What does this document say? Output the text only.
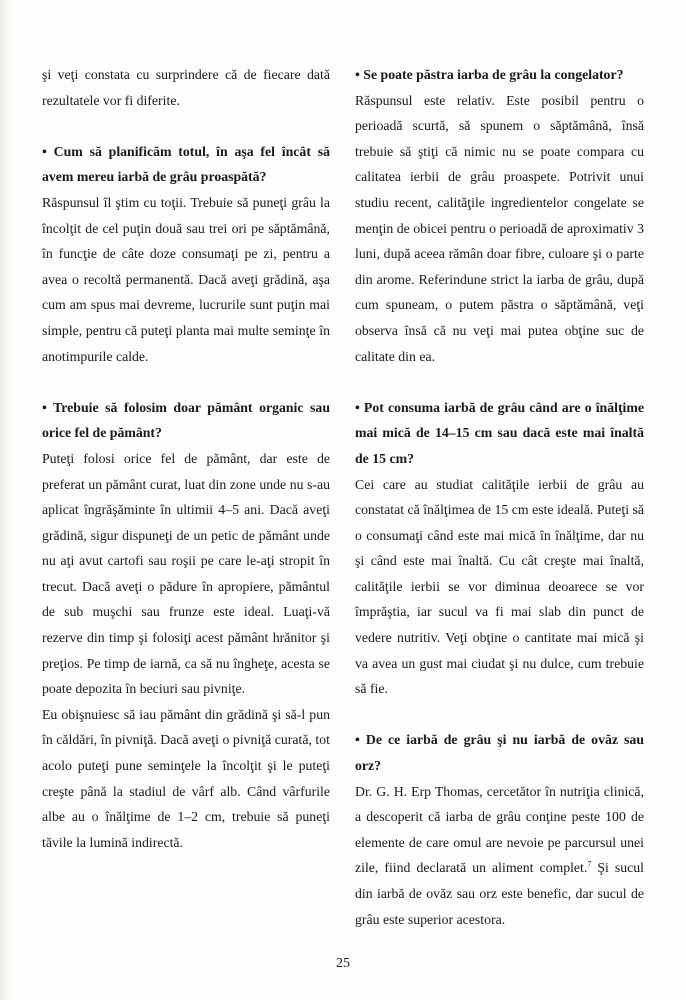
şi veţi constata cu surprindere că de fiecare dată rezultatele vor fi diferite.

• Cum să planificăm totul, în aşa fel încât să avem mereu iarbă de grâu proaspătă?

Răspunsul îl ştim cu toţii. Trebuie să puneţi grâu la încolţit de cel puţin două sau trei ori pe săptămână, în funcţie de câte doze consumaţi pe zi, pentru a avea o recoltă permanentă. Dacă aveţi grădină, aşa cum am spus mai devreme, lucrurile sunt puţin mai simple, pentru că puteţi planta mai multe seminţe în anotimpurile calde.

• Trebuie să folosim doar pământ organic sau orice fel de pământ?

Puteţi folosi orice fel de pământ, dar este de preferat un pământ curat, luat din zone unde nu s-au aplicat îngrăşăminte în ultimii 4–5 ani. Dacă aveţi grădină, sigur dispuneţi de un petic de pământ unde nu aţi avut cartofi sau roşii pe care le-aţi stropit în trecut. Dacă aveţi o pădure în apropiere, pământul de sub muşchi sau frunze este ideal. Luaţi-vă rezerve din timp şi folosiţi acest pământ hrănitor şi preţios. Pe timp de iarnă, ca să nu îngheţe, acesta se poate depozita în beciuri sau pivniţe.

Eu obişnuiesc să iau pământ din grădină şi să-l pun în căldări, în pivniţă. Dacă aveţi o pivniţă curată, tot acolo puteţi pune seminţele la încolţit şi le puteţi creşte până la stadiul de vârf alb. Când vârfurile albe au o înălţime de 1–2 cm, trebuie să puneţi tăvile la lumină indirectă.

• Se poate păstra iarba de grâu la congelator?

Răspunsul este relativ. Este posibil pentru o perioadă scurtă, să spunem o săptămână, însă trebuie să ştiţi că nimic nu se poate compara cu calitatea ierbii de grâu proaspete. Potrivit unui studiu recent, calităţile ingredientelor congelate se menţin de obicei pentru o perioadă de aproximativ 3 luni, după aceea rămân doar fibre, culoare şi o parte din arome. Referindune strict la iarba de grâu, după cum spuneam, o putem păstra o săptămână, veţi observa însă că nu veţi mai putea obţine suc de calitate din ea.

• Pot consuma iarbă de grâu când are o înălţime mai mică de 14–15 cm sau dacă este mai înaltă de 15 cm?

Cei care au studiat calităţile ierbii de grâu au constatat că înălţimea de 15 cm este ideală. Puteţi să o consumaţi când este mai mică în înălţime, dar nu şi când este mai înaltă. Cu cât creşte mai înaltă, calităţile ierbii se vor diminua deoarece se vor împrăştia, iar sucul va fi mai slab din punct de vedere nutritiv. Veţi obţine o cantitate mai mică şi va avea un gust mai ciudat şi nu dulce, cum trebuie să fie.

• De ce iarbă de grâu şi nu iarbă de ovăz sau orz?

Dr. G. H. Erp Thomas, cercetător în nutriţia clinică, a descoperit că iarba de grâu conţine peste 100 de elemente de care omul are nevoie pe parcursul unei zile, fiind declarată un aliment complet.$^7$ Şi sucul din iarbă de ovăz sau orz este benefic, dar sucul de grâu este superior acestora.

25
